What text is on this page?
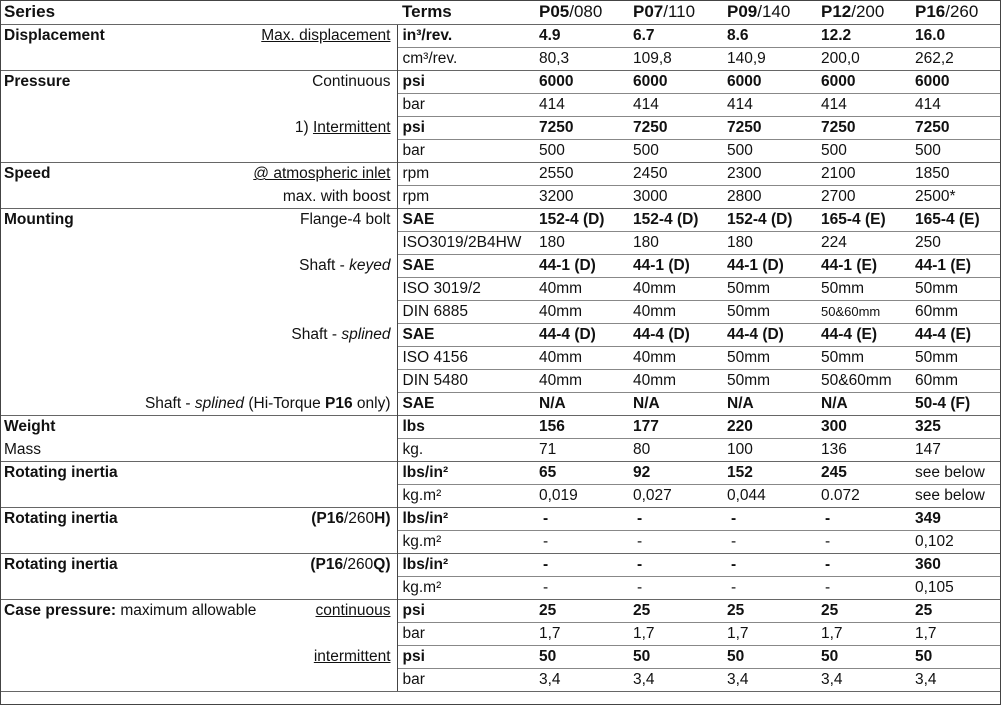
Series	Terms	P05/080	P07/110	P09/140	P12/200	P16/260
Displacement Max. displacement	in³/rev.	4.9	6.7	8.6	12.2	16.0
	cm³/rev.	80,3	109,8	140,9	200,0	262,2
Pressure Continuous	psi	6000	6000	6000	6000	6000
	bar	414	414	414	414	414
1) Intermittent	psi	7250	7250	7250	7250	7250
	bar	500	500	500	500	500
Speed @ atmospheric inlet	rpm	2550	2450	2300	2100	1850
max. with boost	rpm	3200	3000	2800	2700	2500*
Mounting Flange-4 bolt	SAE	152-4 (D)	152-4 (D)	152-4 (D)	165-4 (E)	165-4 (E)
	ISO3019/2B4HW	180	180	180	224	250
Shaft - keyed	SAE	44-1 (D)	44-1 (D)	44-1 (D)	44-1 (E)	44-1 (E)
	ISO 3019/2	40mm	40mm	50mm	50mm	50mm
	DIN 6885	40mm	40mm	50mm	50&60mm	60mm
Shaft - splined	SAE	44-4 (D)	44-4 (D)	44-4 (D)	44-4 (E)	44-4 (E)
	ISO 4156	40mm	40mm	50mm	50mm	50mm
	DIN 5480	40mm	40mm	50mm	50&60mm	60mm
Shaft - splined (Hi-Torque P16 only)	SAE	N/A	N/A	N/A	N/A	50-4 (F)
Weight	lbs	156	177	220	300	325
Mass	kg.	71	80	100	136	147
Rotating inertia	lbs/in²	65	92	152	245	see below
	kg.m²	0,019	0,027	0,044	0.072	see below
Rotating inertia (P16/260H)	lbs/in²	-	-	-	-	349
	kg.m²	-	-	-	-	0,102
Rotating inertia (P16/260Q)	lbs/in²	-	-	-	-	360
	kg.m²	-	-	-	-	0,105
Case pressure: maximum allowable continuous	psi	25	25	25	25	25
	bar	1,7	1,7	1,7	1,7	1,7
intermittent	psi	50	50	50	50	50
	bar	3,4	3,4	3,4	3,4	3,4
